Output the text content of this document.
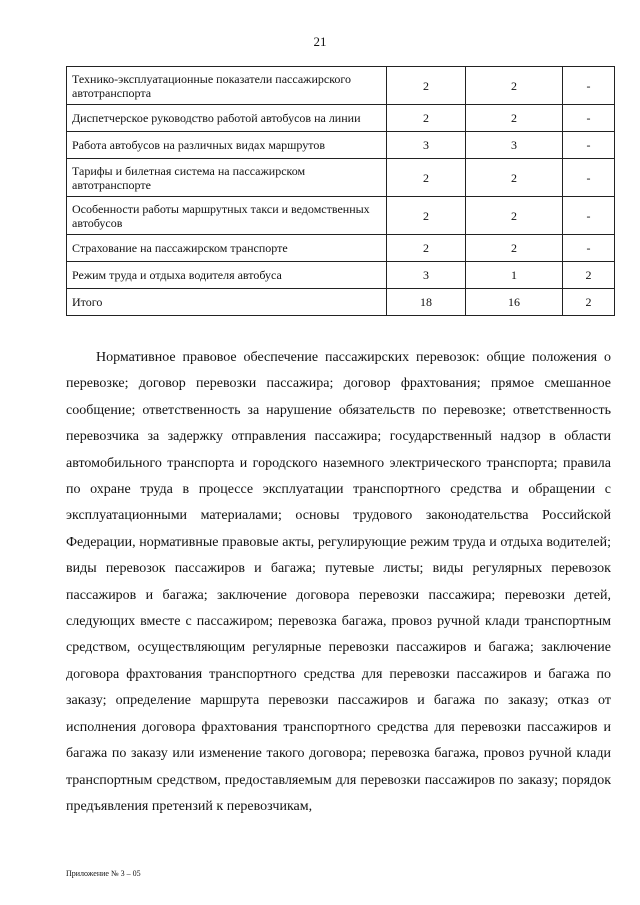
21
Технико-эксплуатационные показатели пассажирского автотранспорта	2	2	-
Диспетчерское руководство работой автобусов на линии	2	2	-
Работа автобусов на различных видах маршрутов	3	3	-
Тарифы и билетная система на пассажирском автотранспорте	2	2	-
Особенности работы маршрутных такси и ведомственных автобусов	2	2	-
Страхование на пассажирском транспорте	2	2	-
Режим труда и отдыха водителя автобуса	3	1	2
Итого	18	16	2

Нормативное правовое обеспечение пассажирских перевозок: общие положения о перевозке; договор перевозки пассажира; договор фрахтования; прямое смешанное сообщение; ответственность за нарушение обязательств по перевозке; ответственность перевозчика за задержку отправления пассажира; государственный надзор в области автомобильного транспорта и городского наземного электрического транспорта; правила по охране труда в процессе эксплуатации транспортного средства и обращении с эксплуатационными материалами; основы трудового законодательства Российской Федерации, нормативные правовые акты, регулирующие режим труда и отдыха водителей; виды перевозок пассажиров и багажа; путевые листы; виды регулярных перевозок пассажиров и багажа; заключение договора перевозки пассажира; перевозки детей, следующих вместе с пассажиром; перевозка багажа, провоз ручной клади транспортным средством, осуществляющим регулярные перевозки пассажиров и багажа; заключение договора фрахтования транспортного средства для перевозки пассажиров и багажа по заказу; определение маршрута перевозки пассажиров и багажа по заказу; отказ от исполнения договора фрахтования транспортного средства для перевозки пассажиров и багажа по заказу или изменение такого договора; перевозка багажа, провоз ручной клади транспортным средством, предоставляемым для перевозки пассажиров по заказу; порядок предъявления претензий к перевозчикам,

Приложение № 3 – 05
